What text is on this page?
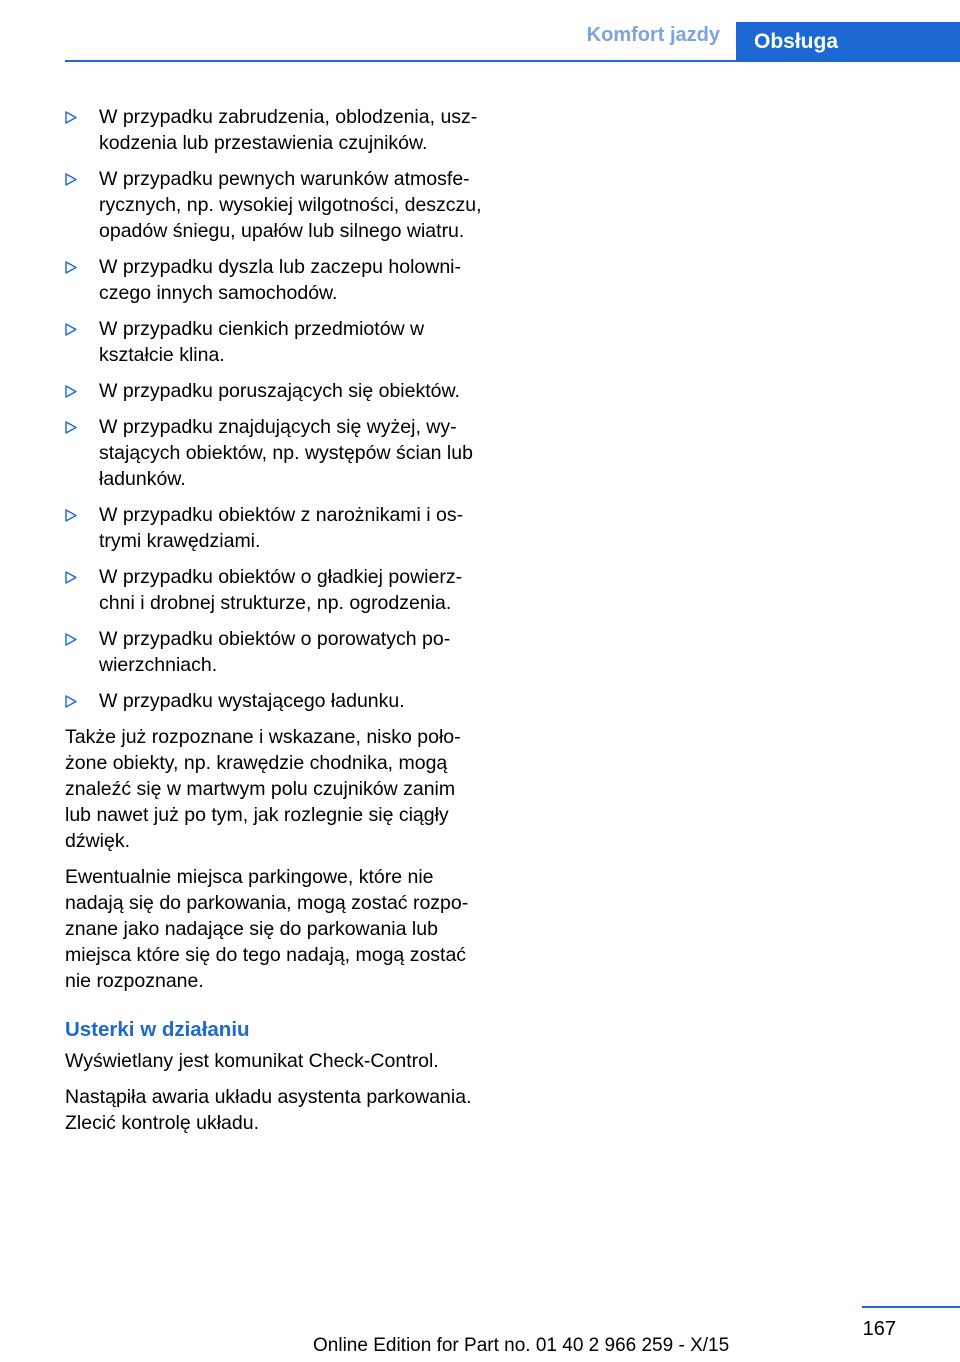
Komfort jazdy	Obsługa
W przypadku zabrudzenia, oblodzenia, uszkodzenia lub przestawienia czujników.
W przypadku pewnych warunków atmosferycznych, np. wysokiej wilgotności, deszczu, opadów śniegu, upałów lub silnego wiatru.
W przypadku dyszla lub zaczepu holowniczego innych samochodów.
W przypadku cienkich przedmiotów w kształcie klina.
W przypadku poruszających się obiektów.
W przypadku znajdujących się wyżej, wystających obiektów, np. występów ścian lub ładunków.
W przypadku obiektów z narożnikami i ostrymi krawędziami.
W przypadku obiektów o gładkiej powierzchni i drobnej strukturze, np. ogrodzenia.
W przypadku obiektów o porowatych powierzchniach.
W przypadku wystającego ładunku.

Także już rozpoznane i wskazane, nisko położone obiekty, np. krawędzie chodnika, mogą znaleźć się w martwym polu czujników zanim lub nawet już po tym, jak rozlegnie się ciągły dźwięk.

Ewentualnie miejsca parkingowe, które nie nadają się do parkowania, mogą zostać rozpoznane jako nadające się do parkowania lub miejsca które się do tego nadają, mogą zostać nie rozpoznane.

Usterki w działaniu

Wyświetlany jest komunikat Check-Control.

Nastąpiła awaria układu asystenta parkowania. Zlecić kontrolę układu.

167
Online Edition for Part no. 01 40 2 966 259 - X/15
